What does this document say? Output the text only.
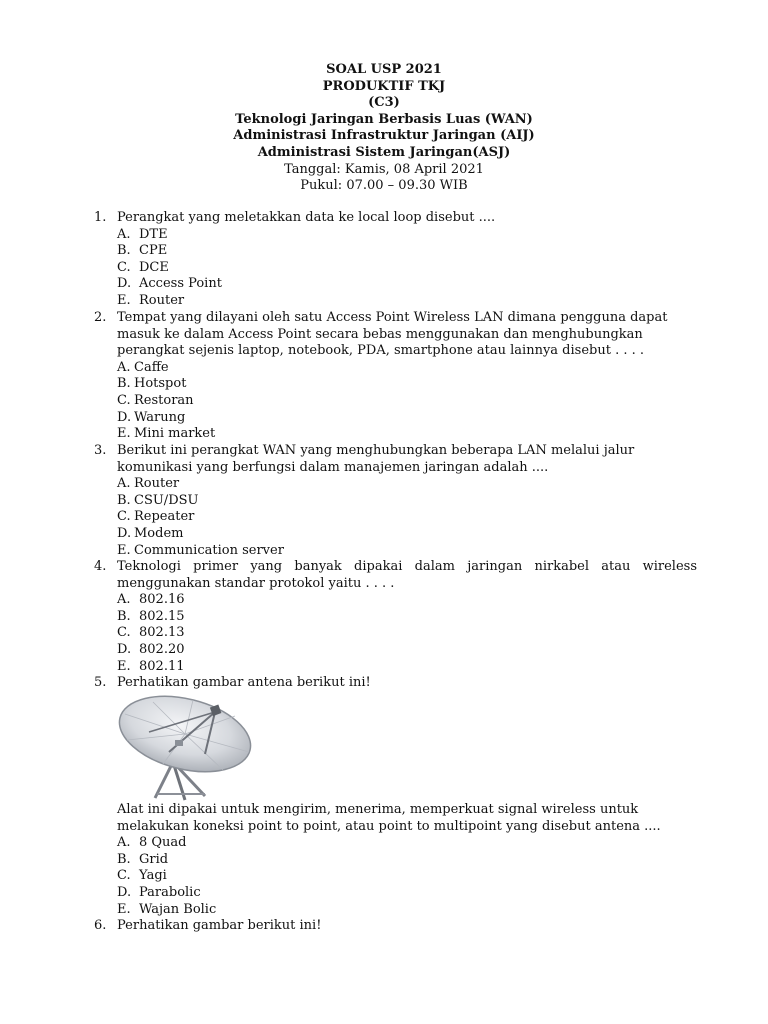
SOAL USP 2021
PRODUKTIF TKJ
(C3)
Teknologi Jaringan Berbasis Luas (WAN)
Administrasi Infrastruktur Jaringan (AIJ)
Administrasi Sistem Jaringan(ASJ)
Tanggal: Kamis, 08 April 2021
Pukul: 07.00 – 09.30 WIB
1. Perangkat yang meletakkan data ke local loop disebut ....
A. DTE
B. CPE
C. DCE
D. Access Point
E. Router
2. Tempat yang dilayani oleh satu Access Point Wireless LAN dimana pengguna dapat masuk ke dalam Access Point secara bebas menggunakan dan menghubungkan perangkat sejenis laptop, notebook, PDA, smartphone atau lainnya disebut . . . .
A. Caffe
B. Hotspot
C. Restoran
D. Warung
E. Mini market
3. Berikut ini perangkat WAN yang menghubungkan beberapa LAN melalui jalur komunikasi yang berfungsi dalam manajemen jaringan adalah ....
A. Router
B. CSU/DSU
C. Repeater
D. Modem
E. Communication server
4. Teknologi primer yang banyak dipakai dalam jaringan nirkabel atau wireless menggunakan standar protokol yaitu . . . .
A. 802.16
B. 802.15
C. 802.13
D. 802.20
E. 802.11
5. Perhatikan gambar antena berikut ini!
Alat ini dipakai untuk mengirim, menerima, memperkuat signal wireless untuk melakukan koneksi point to point, atau point to multipoint yang disebut antena ....
A. 8 Quad
B. Grid
C. Yagi
D. Parabolic
E. Wajan Bolic
6. Perhatikan gambar berikut ini!
